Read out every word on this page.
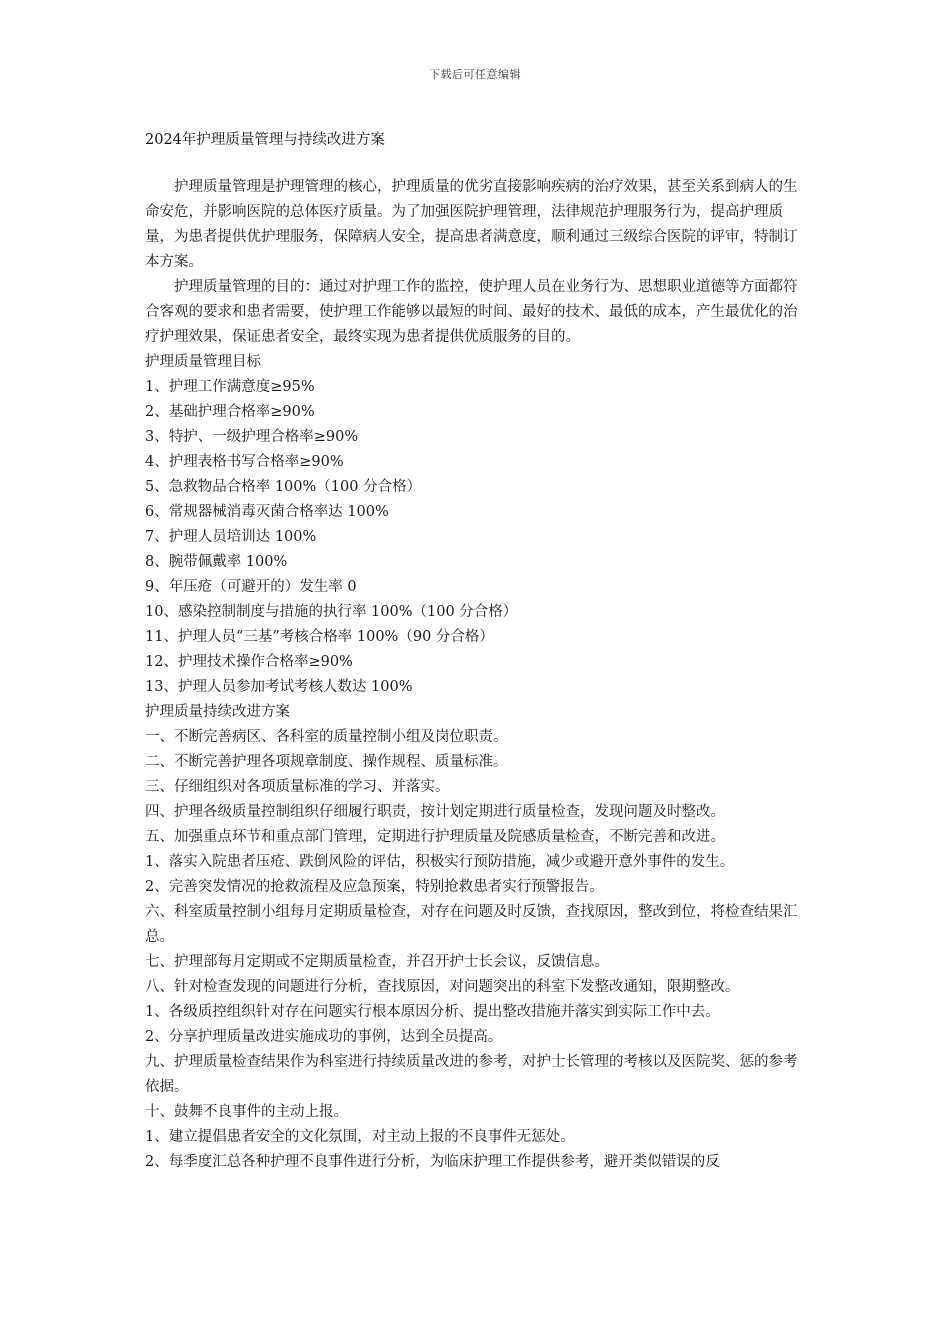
下载后可任意编辑
2024年护理质量管理与持续改进方案

护理质量管理是护理管理的核心，护理质量的优劣直接影响疾病的治疗效果，甚至关系到病人的生命安危，并影响医院的总体医疗质量。为了加强医院护理管理，法律规范护理服务行为，提高护理质量，为患者提供优护理服务，保障病人安全，提高患者满意度，顺利通过三级综合医院的评审，特制订本方案。

护理质量管理的目的：通过对护理工作的监控，使护理人员在业务行为、思想职业道德等方面都符合客观的要求和患者需要，使护理工作能够以最短的时间、最好的技术、最低的成本，产生最优化的治疗护理效果，保证患者安全，最终实现为患者提供优质服务的目的。

护理质量管理目标

1、护理工作满意度≥95%

2、基础护理合格率≥90%

3、特护、一级护理合格率≥90%

4、护理表格书写合格率≥90%

5、急救物品合格率 100%（100 分合格）

6、常规器械消毒灭菌合格率达 100%

7、护理人员培训达 100%

8、腕带佩戴率 100%

9、年压疮（可避开的）发生率 0

10、感染控制制度与措施的执行率 100%（100 分合格）

11、护理人员“三基”考核合格率 100%（90 分合格）

12、护理技术操作合格率≥90%

13、护理人员参加考试考核人数达 100%

护理质量持续改进方案

一、不断完善病区、各科室的质量控制小组及岗位职责。

二、不断完善护理各项规章制度、操作规程、质量标准。

三、仔细组织对各项质量标准的学习、并落实。

四、护理各级质量控制组织仔细履行职责，按计划定期进行质量检查，发现问题及时整改。

五、加强重点环节和重点部门管理，定期进行护理质量及院感质量检查，不断完善和改进。

1、落实入院患者压疮、跌倒风险的评估，积极实行预防措施，减少或避开意外事件的发生。

2、完善突发情况的抢救流程及应急预案，特别抢救患者实行预警报告。

六、科室质量控制小组每月定期质量检查，对存在问题及时反馈，查找原因，整改到位，将检查结果汇总。

七、护理部每月定期或不定期质量检查，并召开护士长会议，反馈信息。

八、针对检查发现的问题进行分析，查找原因，对问题突出的科室下发整改通知，限期整改。

1、各级质控组织针对存在问题实行根本原因分析、提出整改措施并落实到实际工作中去。

2、分享护理质量改进实施成功的事例，达到全员提高。

九、护理质量检查结果作为科室进行持续质量改进的参考，对护士长管理的考核以及医院奖、惩的参考依据。

十、鼓舞不良事件的主动上报。

1、建立提倡患者安全的文化氛围，对主动上报的不良事件无惩处。

2、每季度汇总各种护理不良事件进行分析，为临床护理工作提供参考，避开类似错误的反
